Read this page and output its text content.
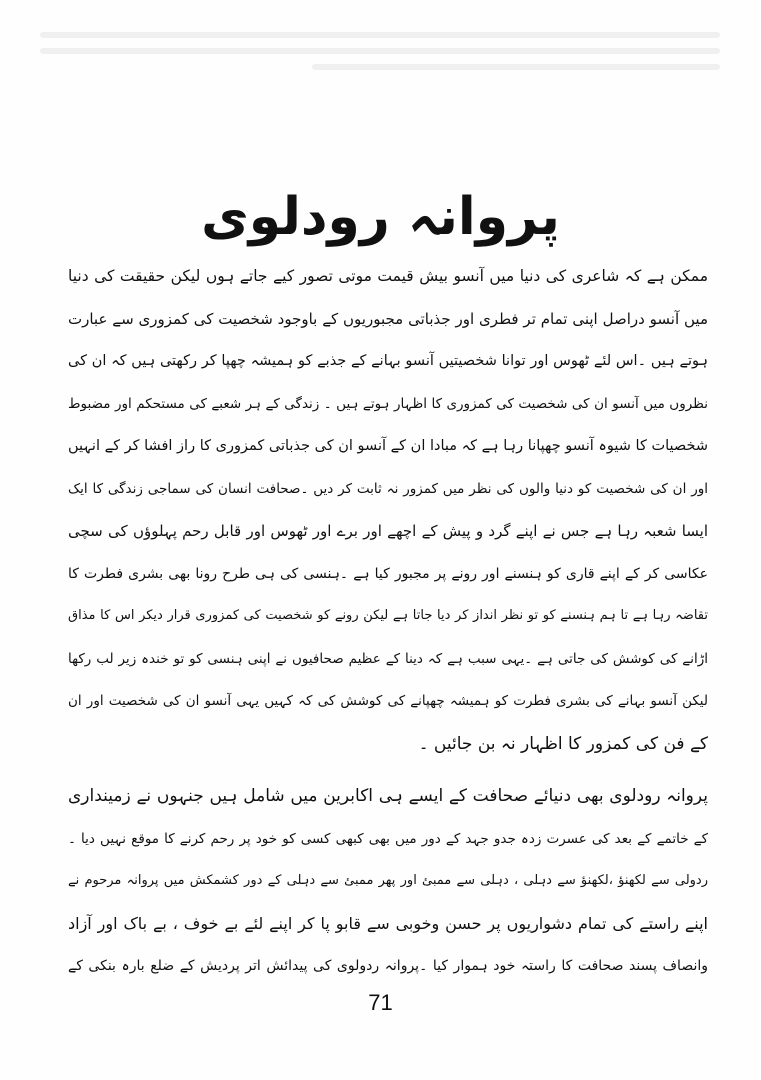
پروانہ رودلوی
ممکن ہے کہ شاعری کی دنیا میں آنسو بیش قیمت موتی تصور کیے جاتے ہوں لیکن حقیقت کی دنیا
میں آنسو دراصل اپنی تمام تر فطری اور جذباتی مجبوریوں کے باوجود شخصیت کی کمزوری سے عبارت
ہوتے ہیں ۔اس لئے ٹھوس اور توانا شخصیتیں آنسو بہانے کے جذبے کو ہمیشہ چھپا کر رکھتی ہیں کہ ان کی
نظروں میں آنسو ان کی شخصیت کی کمزوری کا اظہار ہوتے ہیں ۔ زندگی کے ہر شعبے کی مستحکم اور مضبوط
شخصیات کا شیوہ آنسو چھپانا رہا ہے کہ مبادا ان کے آنسو ان کی جذباتی کمزوری کا راز افشا کر کے انہیں
اور ان کی شخصیت کو دنیا والوں کی نظر میں کمزور نہ ثابت کر دیں ۔صحافت انسان کی سماجی زندگی کا ایک
ایسا شعبہ رہا ہے جس نے اپنے گرد و پیش کے اچھے اور برے اور ٹھوس اور قابل رحم پہلوؤں کی سچی
عکاسی کر کے اپنے قاری کو ہنسنے اور رونے پر مجبور کیا ہے ۔ہنسی کی ہی طرح رونا بھی بشری فطرت کا
تقاضہ رہا ہے تا ہم ہنسنے کو تو نظر انداز کر دیا جاتا ہے لیکن رونے کو شخصیت کی کمزوری قرار دیکر اس کا مذاق
اڑانے کی کوشش کی جاتی ہے ۔یہی سبب ہے کہ دینا کے عظیم صحافیوں نے اپنی ہنسی کو تو خندہ زیر لب رکھا
لیکن آنسو بہانے کی بشری فطرت کو ہمیشہ چھپانے کی کوشش کی کہ کہیں یہی آنسو ان کی شخصیت اور ان
کے فن کی کمزور کا اظہار نہ بن جائیں ۔
پروانہ رودلوی بھی دنیائے صحافت کے ایسے ہی اکابرین میں شامل ہیں جنہوں نے زمینداری
کے خاتمے کے بعد کی عسرت زدہ جدو جہد کے دور میں بھی کبھی کسی کو خود پر رحم کرنے کا موقع نہیں دیا ۔
ردولی سے لکھنؤ ،لکھنؤ سے دہلی ، دہلی سے ممبئ اور پھر ممبئ سے دہلی کے دور کشمکش میں پروانہ مرحوم نے
اپنے راستے کی تمام دشواریوں پر حسن وخوبی سے قابو پا کر اپنے لئے بے خوف ، بے باک اور آزاد
وانصاف پسند صحافت کا راستہ خود ہموار کیا ۔پروانہ ردولوی کی پیدائش اتر پردیش کے ضلع بارہ بنکی کے
71
